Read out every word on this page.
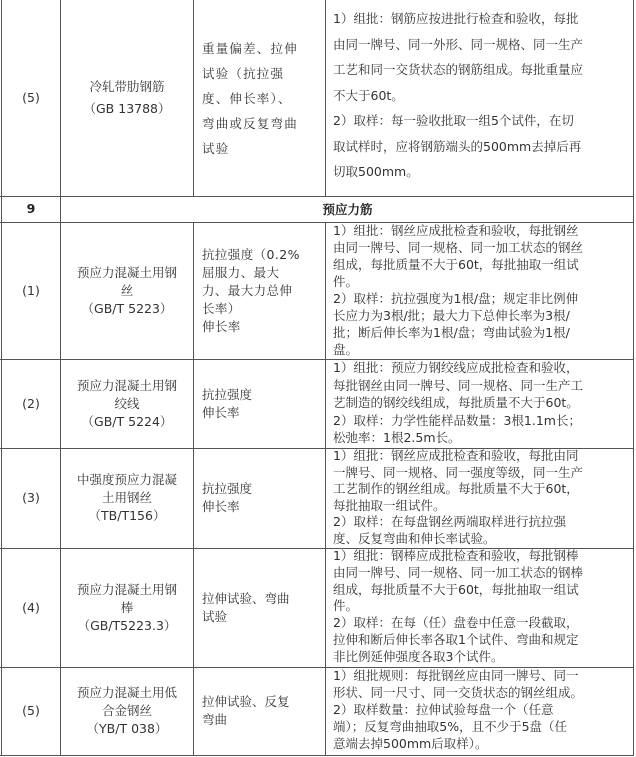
(5)
冷轧带肋钢筋
（GB 13788）
重量偏差、拉伸
试验（抗拉强
度、伸长率）、
弯曲或反复弯曲
试验
1）组批：钢筋应按进批行检查和验收，每批
由同一牌号、同一外形、同一规格、同一生产
工艺和同一交货状态的钢筋组成。每批重量应
不大于60t。
2）取样：每一验收批取一组5个试件，在切
取试样时，应将钢筋端头的500mm去掉后再
切取500mm。
9	预应力筋
(1)
预应力混凝土用钢
丝
（GB/T 5223）
抗拉强度（0.2%
屈服力、最大
力、最大力总伸
长率）
伸长率
1）组批：钢丝应成批检查和验收，每批钢丝
由同一牌号、同一规格、同一加工状态的钢丝
组成，每批质量不大于60t，每批抽取一组试
件。
2）取样：抗拉强度为1根/盘；规定非比例伸
长应力为3根/批；最大力下总伸长率为3根/
批；断后伸长率为1根/盘；弯曲试验为1根/
盘。
(2)
预应力混凝土用钢
绞线
（GB/T 5224）
抗拉强度
伸长率
1）组批：预应力钢绞线应成批检查和验收，
每批钢丝由同一牌号、同一规格、同一生产工
艺制造的钢绞线组成，每批质量不大于60t。
2）取样：力学性能样品数量：3根1.1m长；
松弛率：1根2.5m长。
(3)
中强度预应力混凝
土用钢丝
（TB/T156）
抗拉强度
伸长率
1）组批：钢丝应成批检查和验收，每批由同
一牌号、同一规格、同一强度等级，同一生产
工艺制作的钢丝组成。每批质量不大于60t，
每批抽取一组试件。
2）取样：在每盘钢丝两端取样进行抗拉强
度、反复弯曲和伸长率试验。
(4)
预应力混凝土用钢
棒
（GB/T5223.3）
拉伸试验、弯曲
试验
1）组批：钢棒应成批检查和验收，每批钢棒
由同一牌号、同一规格、同一加工状态的钢棒
组成，每批质量不大于60t，每批抽取一组试
件。
2）取样：在每（任）盘卷中任意一段截取，
拉伸和断后伸长率各取1个试件、弯曲和规定
非比例延伸强度各取3个试件。
(5)
预应力混凝土用低
合金钢丝
（YB/T 038）
拉伸试验、反复
弯曲
1）组批规则：每批钢丝应由同一牌号、同一
形状、同一尺寸、同一交货状态的钢丝组成。
2）取样数量：拉伸试验每盘一个（任意
端）；反复弯曲抽取5%，且不少于5盘（任
意端去掉500mm后取样）。
